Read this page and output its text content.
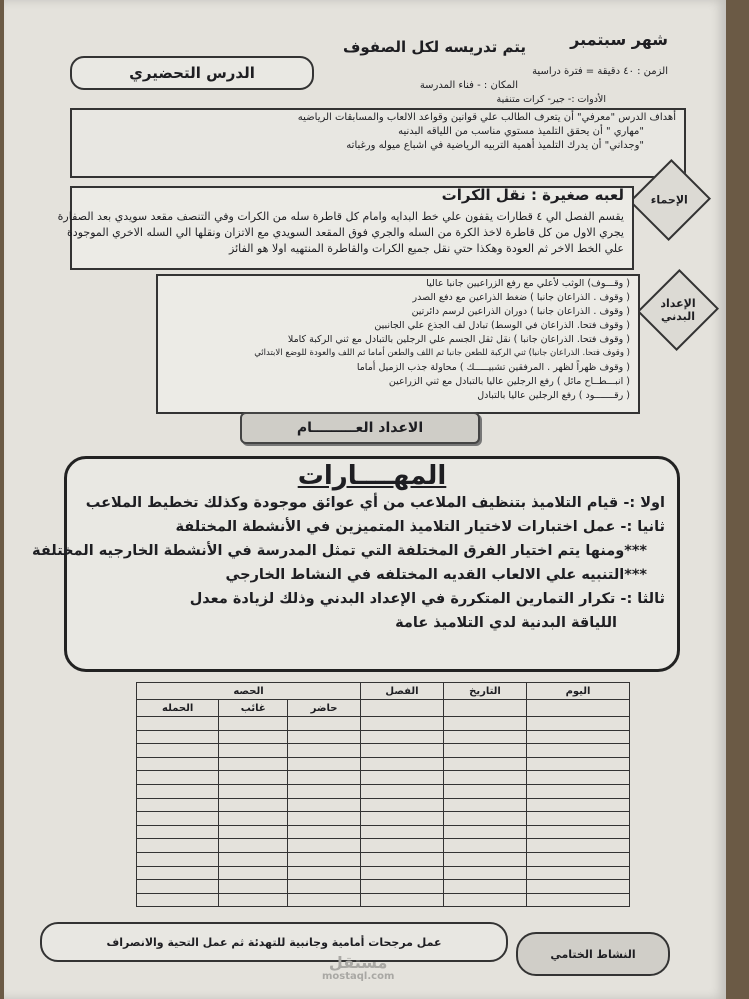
شهر سبتمبر
يتم تدريسه لكل الصفوف
الزمن : ٤٠ دقيقة = فترة دراسية
المكان : - فناء المدرسة
الأدوات :- جير- كرات متنفية
الدرس التحضيري
أهداف الدرس "معرفي" أن يتعرف الطالب علي قوانين وقواعد الالعاب والمسابقات الرياضيه
"مهاري " أن يحقق التلميذ مستوي مناسب من اللياقه البدنيه
"وجداني" أن يدرك التلميذ أهمية التربيه الرياضية في اشباع ميوله ورغباته
الإحماء
لعبه صغيرة : نقل الكرات
يقسم الفصل الي ٤ قطارات يقفون علي خط البدايه وامام كل قاطرة سله من الكرات وفي التنصف مقعد سويدي بعد الصفارة
يجري الاول من كل قاطرة لاخذ الكرة من السله والجري فوق المقعد السويدي مع الاتزان ونقلها الي السله الاخري الموجودة
علي الخط الاخر ثم العودة وهكذا حتي نقل جميع الكرات والقاطرة المنتهيه اولا هو الفائز
الإعداد البدني
( وقـــوف) الوثب لأعلي مع رفع الزراعيين جانبا عاليا
( وقوف . الذراعان جانبا ) ضغط الذراعين مع دفع الصدر
( وقوف . الذراعان جانبا ) دوران الذراعين لرسم دائرتين
( وقوف فتحا. الذراعان في الوسط) تبادل لف الجذع علي الجانبين
( وقوف فتحا. الذراعان جانبا ) نقل ثقل الجسم علي الرجلين بالتبادل مع ثني الركبة كاملا
( وقوف فتحا. الذراعان جانبا) ثني الركبة للطعن جانبا ثم اللف والطعن أماما ثم اللف والعودة للوضع الابتدائي
( وقوف ظهراً لظهر . المرفقين تشبيـــــك ) محاولة جذب الزميل أماما
( انبـــطــاح مائل ) رفع الرجلين عاليا بالتبادل مع ثني الزراعين
( رقـــــــود ) رفع الرجلين عاليا بالتبادل
الاعداد العـــــــــام
المهــــارات
اولا :- قيام التلاميذ بتنظيف الملاعب من أي عوائق موجودة وكذلك تخطيط الملاعب
ثانيا :- عمل اختبارات لاختيار التلاميذ المتميزين في الأنشطة المختلفة
***ومنها يتم اختيار الفرق المختلفة التي تمثل المدرسة في الأنشطة الخارجيه المختلفة
***التنبيه علي الالعاب القديه المختلفه في النشاط الخارجي
ثالثا :- تكرار التمارين المتكررة في الإعداد البدني وذلك لزيادة معدل
اللياقة البدنية لدي التلاميذ عامة
اليوم	التاريخ	الفصل	الحصه		
			حاضر	غائب	الحمله

عمل مرجحات أمامية وجانبية للتهدئة ثم عمل التحية والانصراف
النشاط الختامي
مستقل
mostaql.com
